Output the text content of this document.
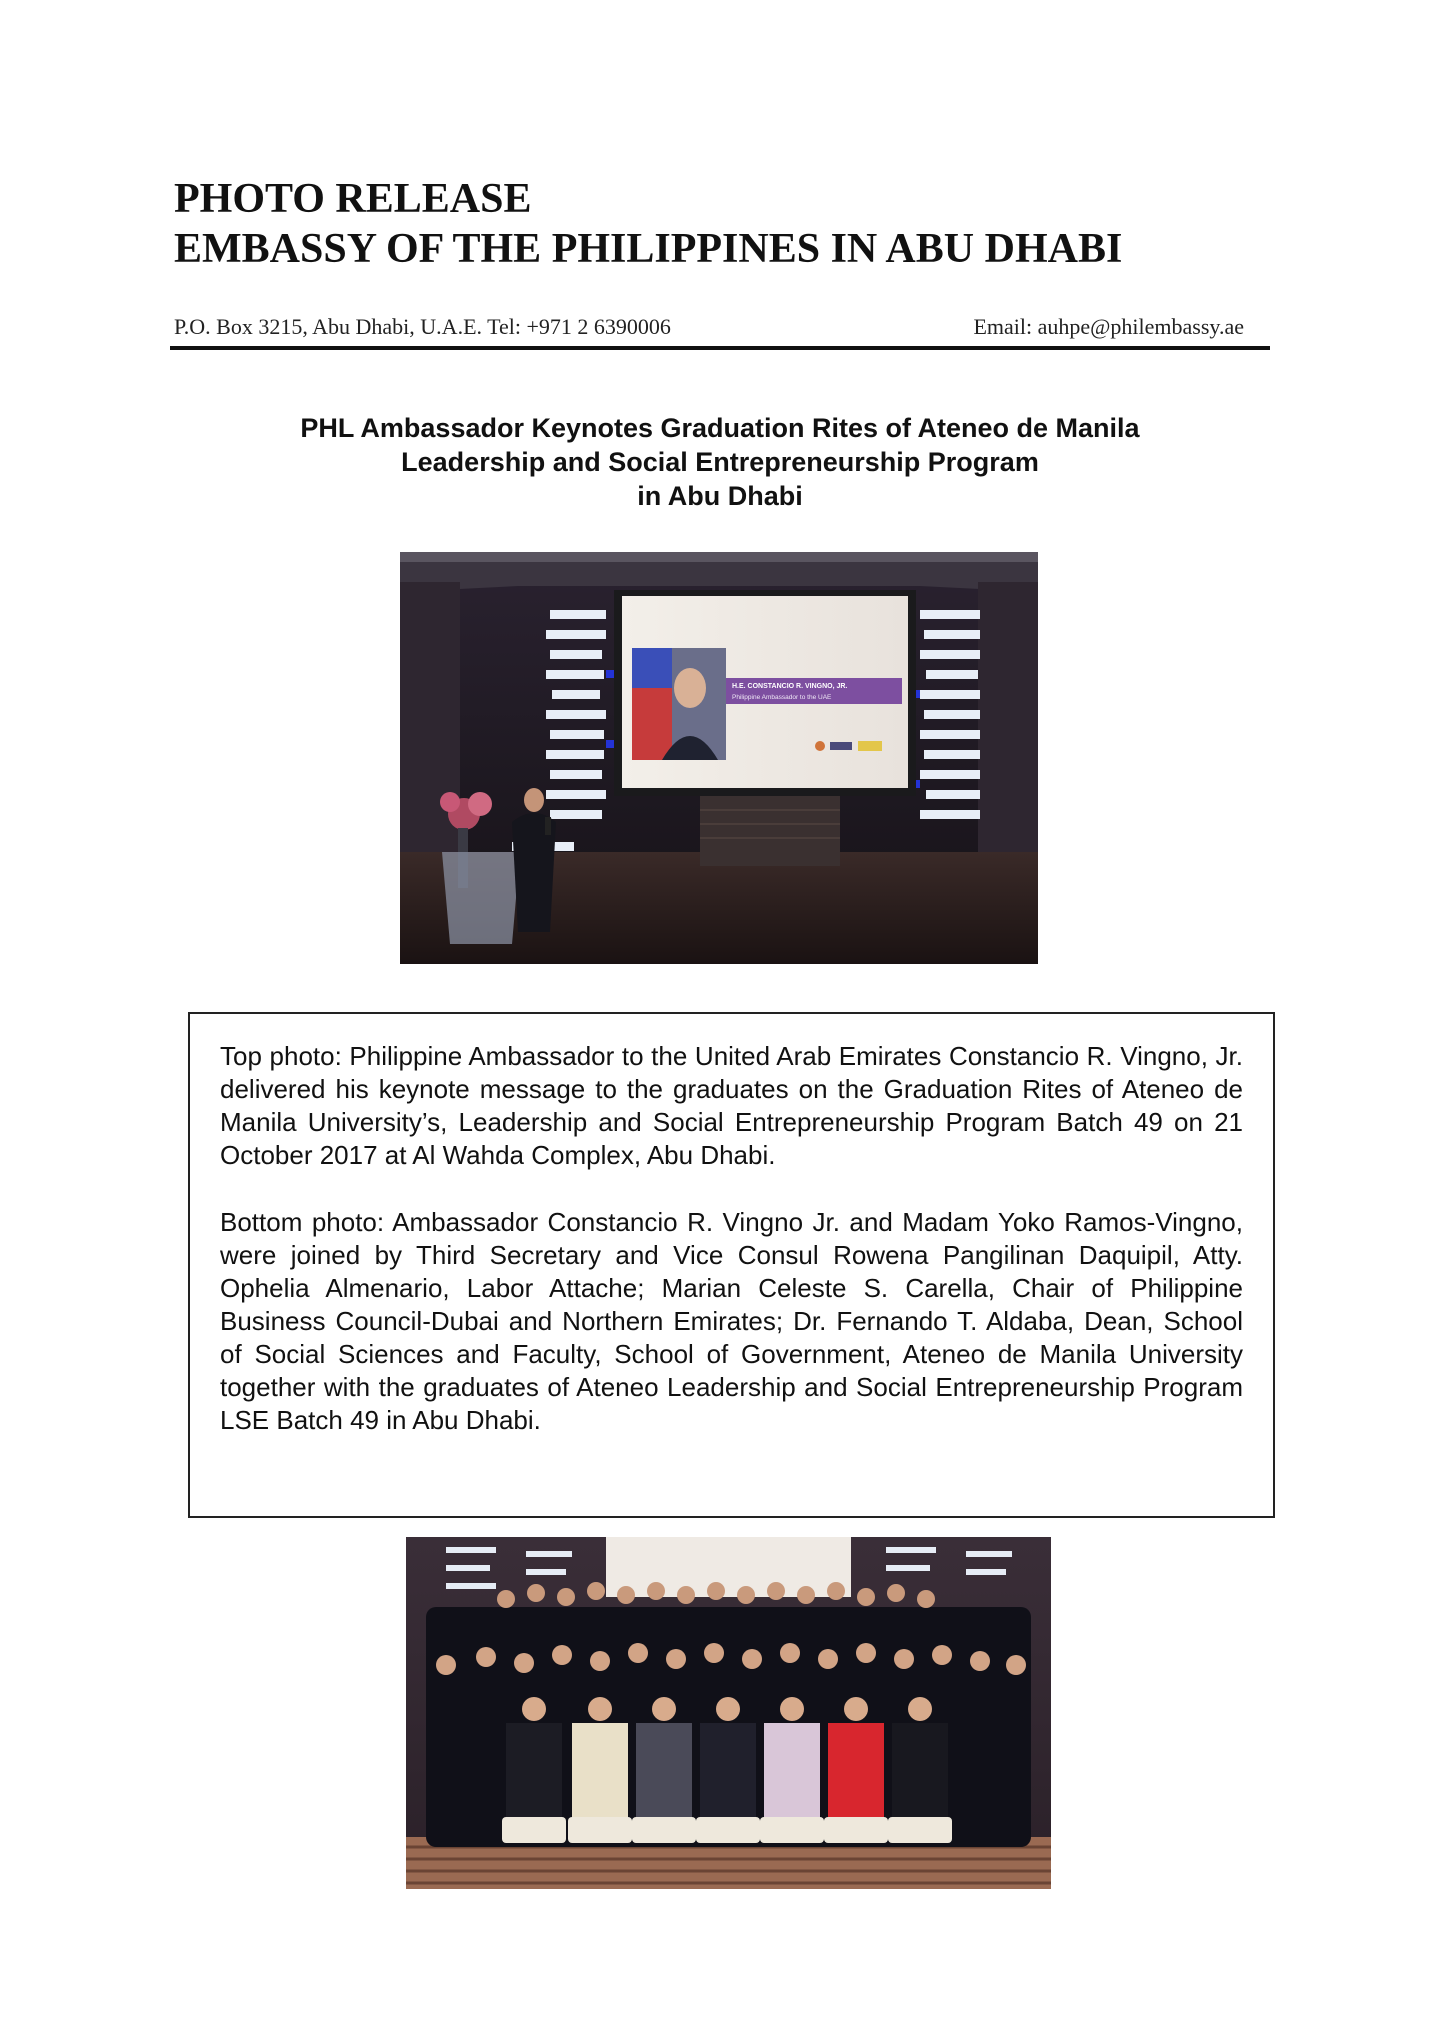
PHOTO RELEASE
EMBASSY OF THE PHILIPPINES IN ABU DHABI
P.O. Box 3215, Abu Dhabi, U.A.E. Tel: +971 2 6390006	Email: auhpe@philembassy.ae
PHL Ambassador Keynotes Graduation Rites of Ateneo de Manila
Leadership and Social Entrepreneurship Program
in Abu Dhabi
H.E. CONSTANCIO R. VINGNO, JR.
Philippine Ambassador to the UAE

Top photo: Philippine Ambassador to the United Arab Emirates Constancio R. Vingno, Jr. delivered his keynote message to the graduates on the Graduation Rites of Ateneo de Manila University’s, Leadership and Social Entrepreneurship Program Batch 49 on 21 October 2017 at Al Wahda Complex, Abu Dhabi.

Bottom photo: Ambassador Constancio R. Vingno Jr. and Madam Yoko Ramos-Vingno, were joined by Third Secretary and Vice Consul Rowena Pangilinan Daquipil, Atty. Ophelia Almenario, Labor Attache; Marian Celeste S. Carella, Chair of Philippine Business Council-Dubai and Northern Emirates; Dr. Fernando T. Aldaba, Dean, School of Social Sciences and Faculty, School of Government, Ateneo de Manila University together with the graduates of Ateneo Leadership and Social Entrepreneurship Program LSE Batch 49 in Abu Dhabi.
